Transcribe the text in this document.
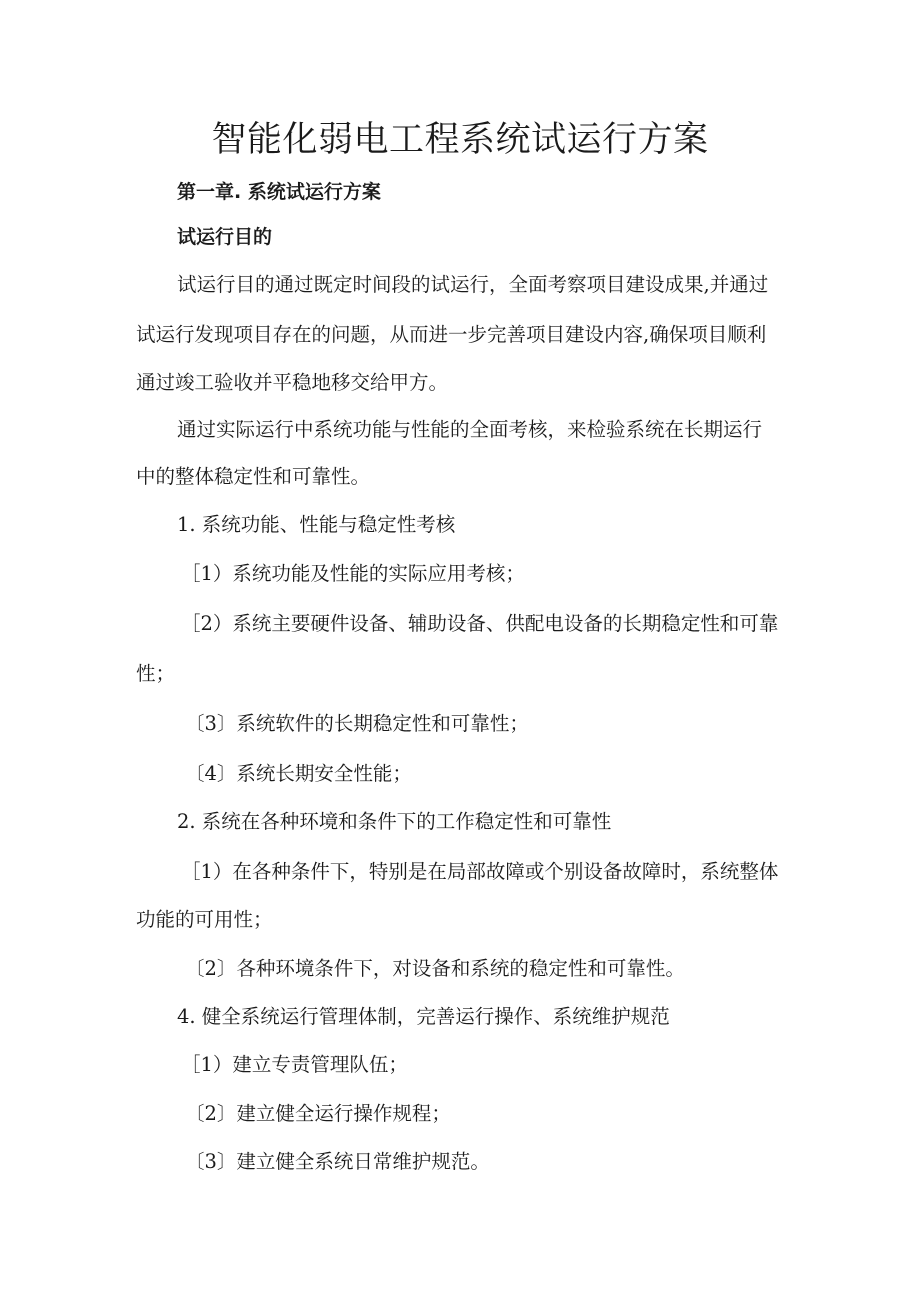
智能化弱电工程系统试运行方案

第一章. 系统试运行方案

试运行目的

试运行目的通过既定时间段的试运行，全面考察项目建设成果,并通过

试运行发现项目存在的问题，从而进一步完善项目建设内容,确保项目顺利

通过竣工验收并平稳地移交给甲方。

通过实际运行中系统功能与性能的全面考核，来检验系统在长期运行

中的整体稳定性和可靠性。

1. 系统功能、性能与稳定性考核

［1）系统功能及性能的实际应用考核；

［2）系统主要硬件设备、辅助设备、供配电设备的长期稳定性和可靠

性；

〔3〕系统软件的长期稳定性和可靠性；

〔4〕系统长期安全性能；

2. 系统在各种环境和条件下的工作稳定性和可靠性

［1）在各种条件下，特别是在局部故障或个别设备故障时，系统整体

功能的可用性；

〔2〕各种环境条件下，对设备和系统的稳定性和可靠性。

4. 健全系统运行管理体制，完善运行操作、系统维护规范

［1）建立专责管理队伍；

〔2〕建立健全运行操作规程；

〔3〕建立健全系统日常维护规范。
